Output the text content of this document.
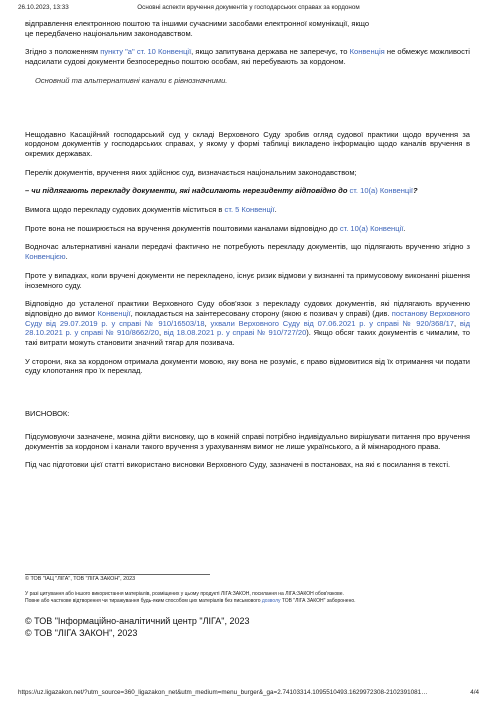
26.10.2023, 13:33	Основні аспекти вручення документів у господарських справах за кордоном

відправлення електронною поштою та іншими сучасними засобами електронної комунікації, якщо
це передбачено національним законодавством.

Згідно з положенням пункту "а" ст. 10 Конвенції, якщо запитувана держава не заперечує, то Конвенція не обмежує можливості надсилати судові документи безпосередньо поштою особам, які перебувають за кордоном.

Основний та альтернативні канали є рівнозначними.

Нещодавно Касаційний господарський суд у складі Верховного Суду зробив огляд судової практики щодо вручення за кордоном документів у господарських справах, у якому у формі таблиці викладено інформацію щодо каналів вручення в окремих державах.

Перелік документів, вручення яких здійснює суд, визначається національним законодавством;

– чи підлягають перекладу документи, які надсилають нерезиденту відповідно до ст. 10(а) Конвенції?

Вимога щодо перекладу судових документів міститься в ст. 5 Конвенції.

Проте вона не поширюється на вручення документів поштовими каналами відповідно до ст. 10(а) Конвенції.

Водночас альтернативні канали передачі фактично не потребують перекладу документів, що підлягають врученню згідно з Конвенцією.

Проте у випадках, коли вручені документи не перекладено, існує ризик відмови у визнанні та примусовому виконанні рішення іноземного суду.

Відповідно до усталеної практики Верховного Суду обов'язок з перекладу судових документів, які підлягають врученню відповідно до вимог Конвенції, покладається на заінтересовану сторону (якою є позивач у справі) (див. постанову Верховного Суду від 29.07.2019 р. у справі № 910/16503/18, ухвали Верховного Суду від 07.06.2021 р. у справі № 920/368/17, від 28.10.2021 р. у справі № 910/8662/20, від 18.08.2021 р. у справі № 910/727/20). Якщо обсяг таких документів є чималим, то такі витрати можуть становити значний тягар для позивача.

У сторони, яка за кордоном отримала документи мовою, яку вона не розуміє, є право відмовитися від їх отримання чи подати суду клопотання про їх переклад.

ВИСНОВОК:

Підсумовуючи зазначене, можна дійти висновку, що в кожній справі потрібно індивідуально вирішувати питання про вручення документів за кордоном і канали такого вручення з урахуванням вимог не лише українського, а й міжнародного права.

Під час підготовки цієї статті використано висновки Верховного Суду, зазначені в постановах, на які є посилання в тексті.

© ТОВ "ІАЦ "ЛІГА", ТОВ "ЛІГА ЗАКОН", 2023

У разі цитування або іншого використання матеріалів, розміщених у цьому продукті ЛІГА:ЗАКОН, посилання на ЛІГА:ЗАКОН обов'язкове.

Повне або часткове відтворення чи тиражування будь-яким способом цих матеріалів без письмового дозволу ТОВ "ЛІГА ЗАКОН" заборонено.

© ТОВ "Інформаційно-аналітичний центр "ЛІГА", 2023

© ТОВ "ЛІГА ЗАКОН", 2023

https://uz.ligazakon.net/?utm_source=360_ligazakon_net&utm_medium=menu_burger&_ga=2.74103314.1095510493.1629972308-2102391081…	4/4
